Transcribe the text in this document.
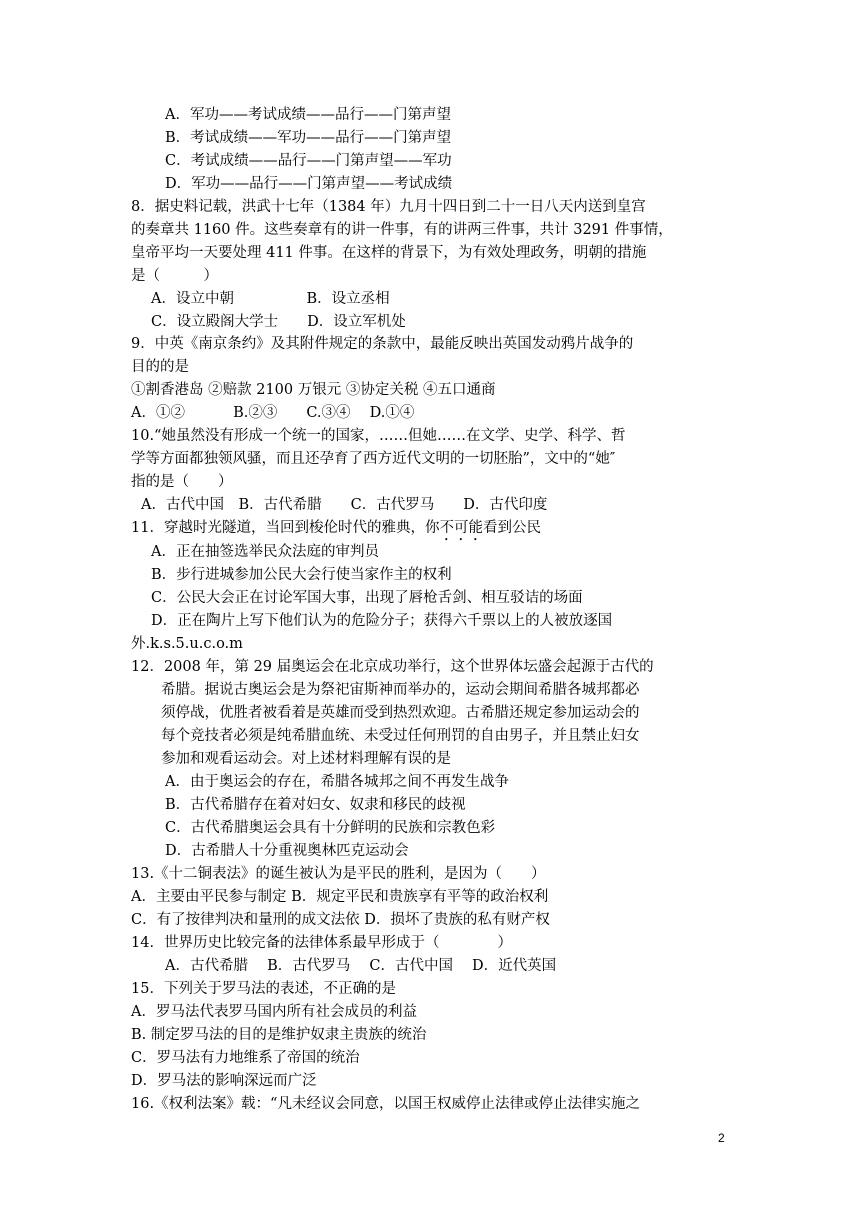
A．军功——考试成绩——品行——门第声望
B．考试成绩——军功——品行——门第声望
C．考试成绩——品行——门第声望——军功
D．军功——品行——门第声望——考试成绩
8．据史料记载，洪武十七年（1384 年）九月十四日到二十一日八天内送到皇宫
的奏章共 1160 件。这些奏章有的讲一件事，有的讲两三件事，共计 3291 件事情，
皇帝平均一天要处理 411 件事。在这样的背景下，为有效处理政务，明朝的措施
是（　　　）
A．设立中朝　　　　　B．设立丞相
C．设立殿阁大学士　　D．设立军机处
9．中英《南京条约》及其附件规定的条款中，最能反映出英国发动鸦片战争的
目的的是
①割香港岛 ②赔款 2100 万银元 ③协定关税 ④五口通商
A．①②　　　 B.②③　　C.③④　 D.①④
10.“她虽然没有形成一个统一的国家，……但她……在文学、史学、科学、哲
学等方面都独领风骚，而且还孕育了西方近代文明的一切胚胎”，文中的“她″
指的是（　　）
A．古代中国　B．古代希腊　　C．古代罗马　　D．古代印度
11．穿越时光隧道，当回到梭伦时代的雅典，你不可能看到公民
A．正在抽签选举民众法庭的审判员
B．步行进城参加公民大会行使当家作主的权利
C．公民大会正在讨论军国大事，出现了唇枪舌剑、相互驳诘的场面
D．正在陶片上写下他们认为的危险分子；获得六千票以上的人被放逐国
外.k.s.5.u.c.o.m
12．2008 年，第 29 届奥运会在北京成功举行，这个世界体坛盛会起源于古代的
希腊。据说古奥运会是为祭祀宙斯神而举办的，运动会期间希腊各城邦都必
须停战，优胜者被看着是英雄而受到热烈欢迎。古希腊还规定参加运动会的
每个竞技者必须是纯希腊血统、未受过任何刑罚的自由男子，并且禁止妇女
参加和观看运动会。对上述材料理解有误的是
A．由于奥运会的存在，希腊各城邦之间不再发生战争
B．古代希腊存在着对妇女、奴隶和移民的歧视
C．古代希腊奥运会具有十分鲜明的民族和宗教色彩
D．古希腊人十分重视奥林匹克运动会
13.《十二铜表法》的诞生被认为是平民的胜利，是因为（　　）
A．主要由平民参与制定 B．规定平民和贵族享有平等的政治权利
C．有了按律判决和量刑的成文法依 D．损坏了贵族的私有财产权
14．世界历史比较完备的法律体系最早形成于（　　　　）
A．古代希腊　 B．古代罗马　 C．古代中国　 D．近代英国
15．下列关于罗马法的表述，不正确的是
A．罗马法代表罗马国内所有社会成员的利益
B. 制定罗马法的目的是维护奴隶主贵族的统治
C．罗马法有力地维系了帝国的统治
D．罗马法的影响深远而广泛
16.《权利法案》载：“凡未经议会同意，以国王权威停止法律或停止法律实施之
2
